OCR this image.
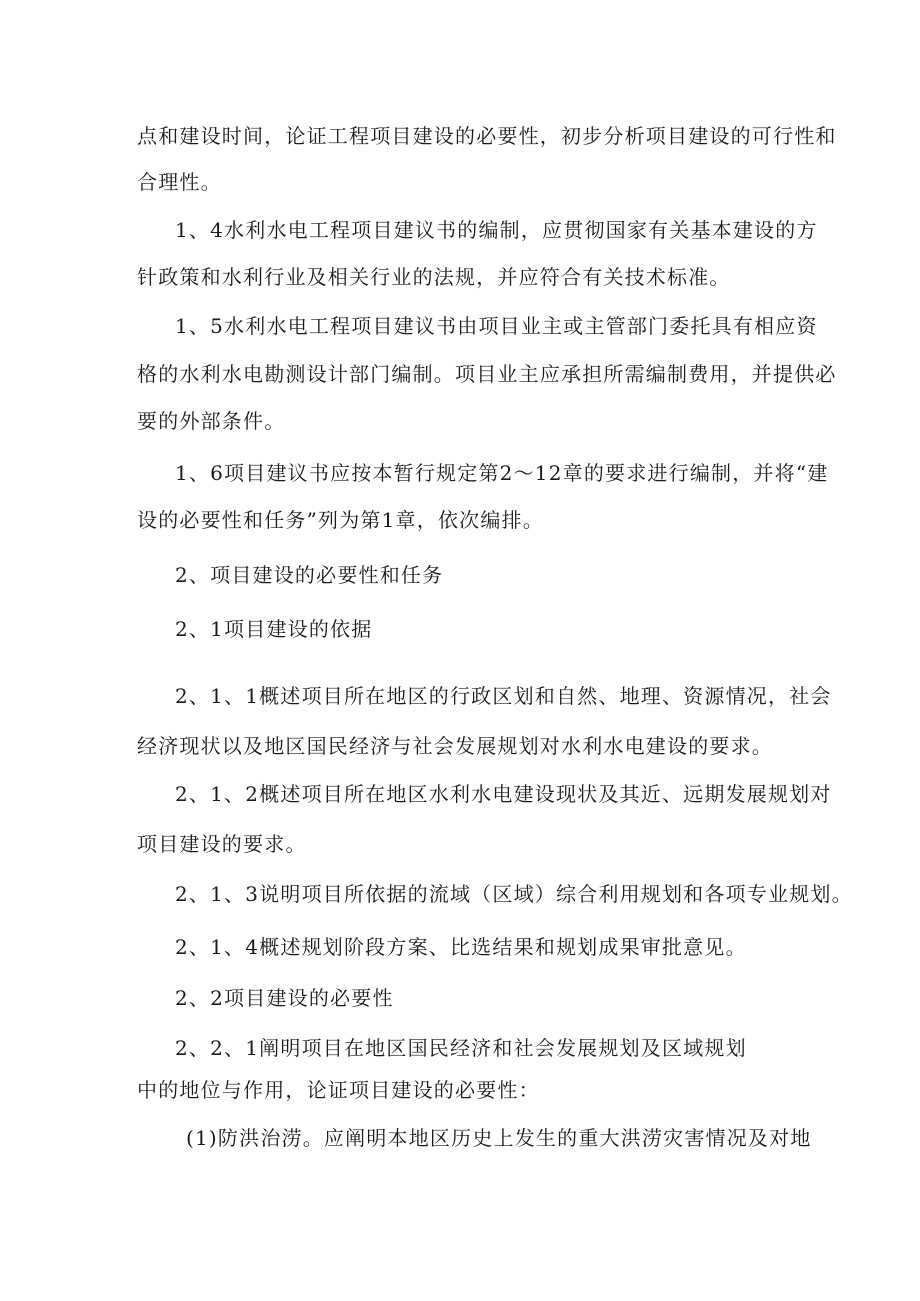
点和建设时间，论证工程项目建设的必要性，初步分析项目建设的可行性和

合理性。

1、4水利水电工程项目建议书的编制，应贯彻国家有关基本建设的方

针政策和水利行业及相关行业的法规，并应符合有关技术标准。

1、5水利水电工程项目建议书由项目业主或主管部门委托具有相应资

格的水利水电勘测设计部门编制。项目业主应承担所需编制费用，并提供必

要的外部条件。

1、6项目建议书应按本暂行规定第2～12章的要求进行编制，并将“建

设的必要性和任务”列为第1章，依次编排。

2、项目建设的必要性和任务

2、1项目建设的依据

2、1、1概述项目所在地区的行政区划和自然、地理、资源情况，社会

经济现状以及地区国民经济与社会发展规划对水利水电建设的要求。

2、1、2概述项目所在地区水利水电建设现状及其近、远期发展规划对

项目建设的要求。

2、1、3说明项目所依据的流域（区域）综合利用规划和各项专业规划。

2、1、4概述规划阶段方案、比选结果和规划成果审批意见。

2、2项目建设的必要性

2、2、1阐明项目在地区国民经济和社会发展规划及区域规划

中的地位与作用，论证项目建设的必要性：

(1)防洪治涝。应阐明本地区历史上发生的重大洪涝灾害情况及对地
